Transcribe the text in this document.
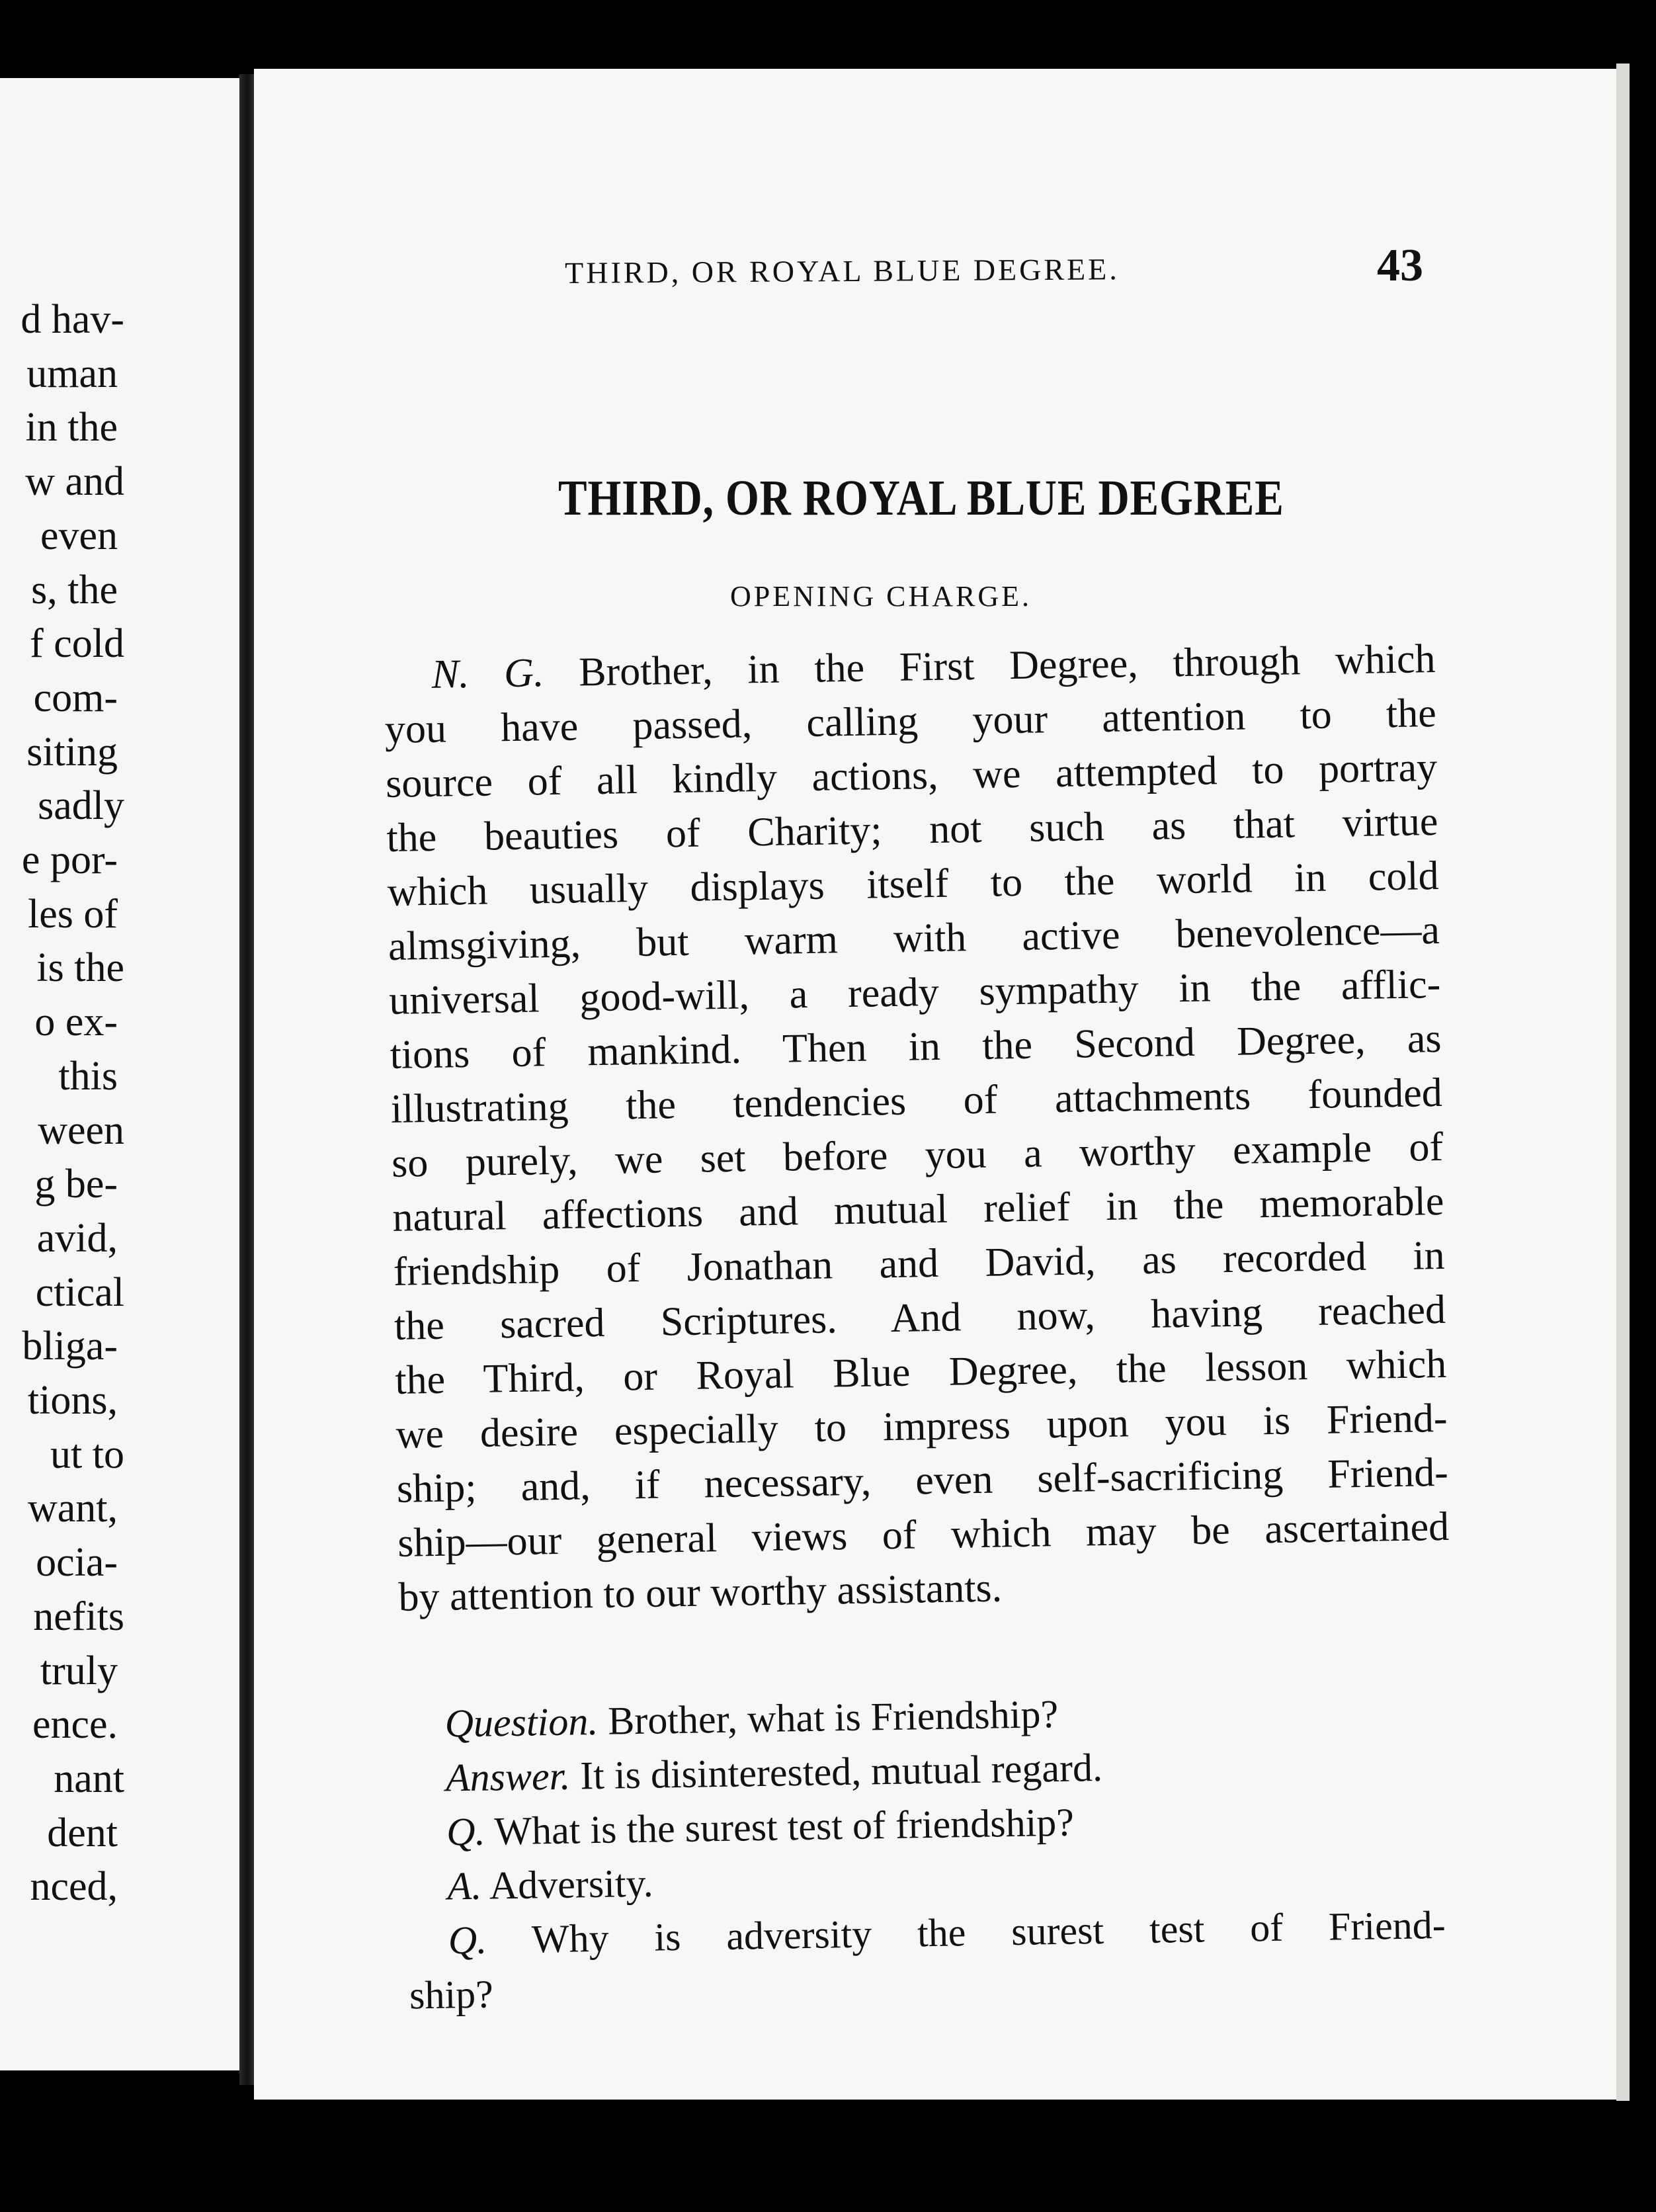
d hav-
uman
in the
w and
even
s, the
f cold
com-
siting
sadly
e por-
les of
is the
o ex-
this
ween
g be-
avid,
ctical
bliga-
tions,
ut to
want,
ocia-
nefits
truly
ence.
nant
dent
nced,
THIRD, OR ROYAL BLUE DEGREE.	43
THIRD, OR ROYAL BLUE DEGREE
OPENING CHARGE.
N. G. Brother, in the First Degree, through which
you have passed, calling your attention to the
source of all kindly actions, we attempted to portray
the beauties of Charity; not such as that virtue
which usually displays itself to the world in cold
almsgiving, but warm with active benevolence—a
universal good-will, a ready sympathy in the afflic-
tions of mankind. Then in the Second Degree, as
illustrating the tendencies of attachments founded
so purely, we set before you a worthy example of
natural affections and mutual relief in the memorable
friendship of Jonathan and David, as recorded in
the sacred Scriptures. And now, having reached
the Third, or Royal Blue Degree, the lesson which
we desire especially to impress upon you is Friend-
ship; and, if necessary, even self-sacrificing Friend-
ship—our general views of which may be ascertained
by attention to our worthy assistants.
Question. Brother, what is Friendship?
Answer. It is disinterested, mutual regard.
Q. What is the surest test of friendship?
A. Adversity.
Q. Why is adversity the surest test of Friend-
ship?
